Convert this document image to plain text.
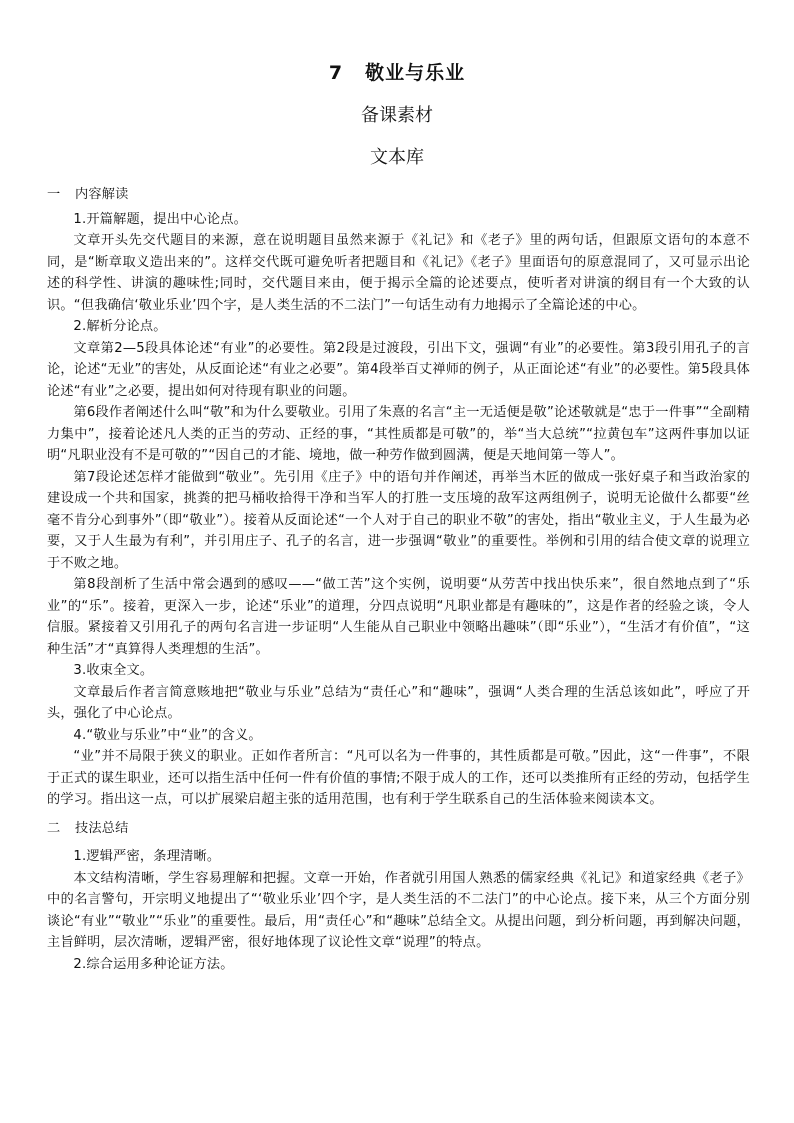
7 敬业与乐业
备课素材
文本库

一 内容解读

1.开篇解题，提出中心论点。

文章开头先交代题目的来源，意在说明题目虽然来源于《礼记》和《老子》里的两句话，但跟原文语句的本意不同，是“断章取义造出来的”。这样交代既可避免听者把题目和《礼记》《老子》里面语句的原意混同了，又可显示出论述的科学性、讲演的趣味性;同时，交代题目来由，便于揭示全篇的论述要点，使听者对讲演的纲目有一个大致的认识。“但我确信‘敬业乐业’四个字，是人类生活的不二法门”一句话生动有力地揭示了全篇论述的中心。

2.解析分论点。

文章第2—5段具体论述“有业”的必要性。第2段是过渡段，引出下文，强调“有业”的必要性。第3段引用孔子的言论，论述“无业”的害处，从反面论述“有业之必要”。第4段举百丈禅师的例子，从正面论述“有业”的必要性。第5段具体论述“有业”之必要，提出如何对待现有职业的问题。

第6段作者阐述什么叫“敬”和为什么要敬业。引用了朱熹的名言“主一无适便是敬”论述敬就是“忠于一件事”“全副精力集中”，接着论述凡人类的正当的劳动、正经的事，“其性质都是可敬”的，举“当大总统”“拉黄包车”这两件事加以证明“凡职业没有不是可敬的”“因自己的才能、境地，做一种劳作做到圆满，便是天地间第一等人”。

第7段论述怎样才能做到“敬业”。先引用《庄子》中的语句并作阐述，再举当木匠的做成一张好桌子和当政治家的建设成一个共和国家，挑粪的把马桶收拾得干净和当军人的打胜一支压境的敌军这两组例子，说明无论做什么都要“丝毫不肯分心到事外”（即“敬业”）。接着从反面论述“一个人对于自己的职业不敬”的害处，指出“敬业主义，于人生最为必要，又于人生最为有利”，并引用庄子、孔子的名言，进一步强调“敬业”的重要性。举例和引用的结合使文章的说理立于不败之地。

第8段剖析了生活中常会遇到的感叹——“做工苦”这个实例，说明要“从劳苦中找出快乐来”，很自然地点到了“乐业”的“乐”。接着，更深入一步，论述“乐业”的道理，分四点说明“凡职业都是有趣味的”，这是作者的经验之谈，令人信服。紧接着又引用孔子的两句名言进一步证明“人生能从自己职业中领略出趣味”（即“乐业”），“生活才有价值”，“这种生活”才“真算得人类理想的生活”。

3.收束全文。

文章最后作者言简意赅地把“敬业与乐业”总结为“责任心”和“趣味”，强调“人类合理的生活总该如此”，呼应了开头，强化了中心论点。

4.“敬业与乐业”中“业”的含义。

“业”并不局限于狭义的职业。正如作者所言：“凡可以名为一件事的，其性质都是可敬。”因此，这“一件事”，不限于正式的谋生职业，还可以指生活中任何一件有价值的事情;不限于成人的工作，还可以类推所有正经的劳动，包括学生的学习。指出这一点，可以扩展梁启超主张的适用范围，也有利于学生联系自己的生活体验来阅读本文。

二 技法总结

1.逻辑严密，条理清晰。

本文结构清晰，学生容易理解和把握。文章一开始，作者就引用国人熟悉的儒家经典《礼记》和道家经典《老子》中的名言警句，开宗明义地提出了“‘敬业乐业’四个字，是人类生活的不二法门”的中心论点。接下来，从三个方面分别谈论“有业”“敬业”“乐业”的重要性。最后，用“责任心”和“趣味”总结全文。从提出问题，到分析问题，再到解决问题，主旨鲜明，层次清晰，逻辑严密，很好地体现了议论性文章“说理”的特点。

2.综合运用多种论证方法。
